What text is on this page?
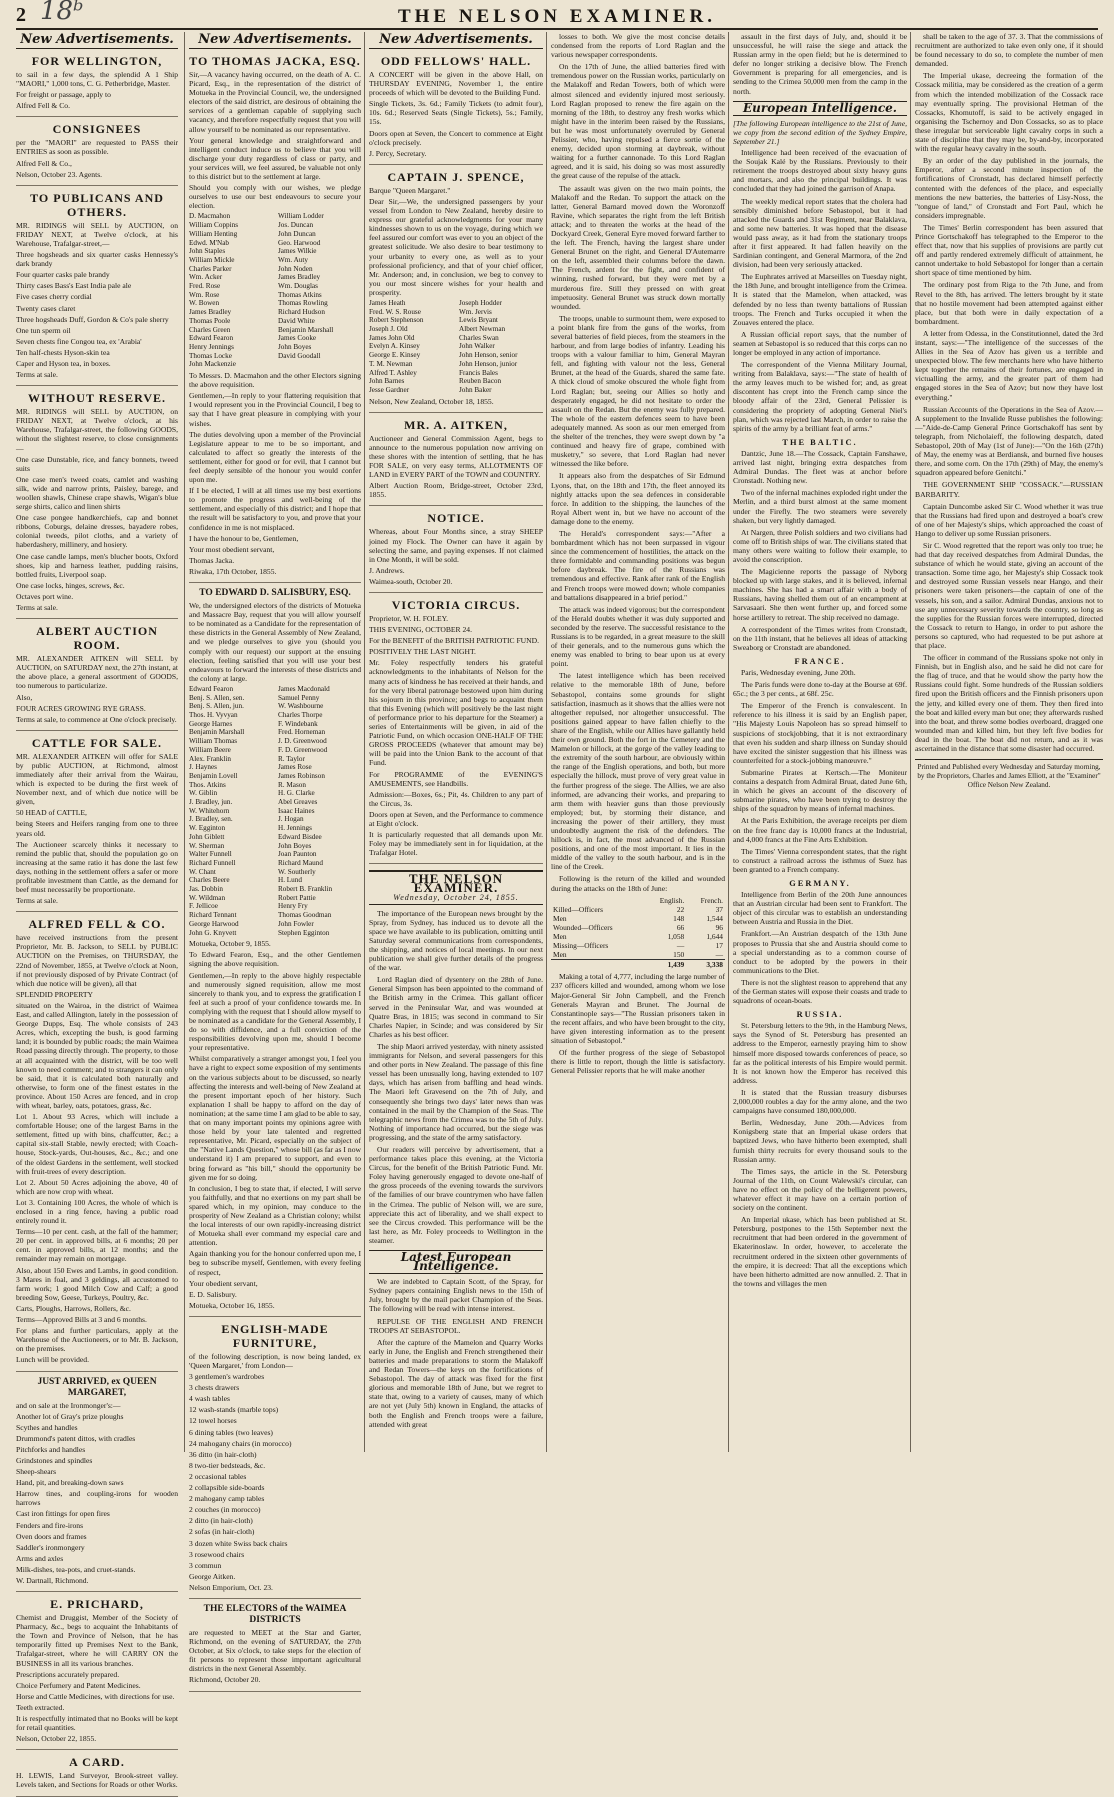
2 18ᵇ	THE NELSON EXAMINER.
New Advertisements.

FOR WELLINGTON,

to sail in a few days, the splendid A 1 Ship "MAORI," 1,000 tons, C. G. Petherbridge, Master.

For freight or passage, apply to

Alfred Fell & Co.

CONSIGNEES

per the "MAORI" are requested to PASS their ENTRIES as soon as possible.

Alfred Fell & Co.,

Nelson, October 23. Agents.

TO PUBLICANS AND OTHERS.

MR. RIDINGS will SELL by AUCTION, on FRIDAY NEXT, at Twelve o'clock, at his Warehouse, Trafalgar-street,—

Three hogsheads and six quarter casks Hennessy's dark brandy

Four quarter casks pale brandy

Thirty cases Bass's East India pale ale

Five cases cherry cordial

Twenty cases claret

Three hogsheads Duff, Gordon & Co's pale sherry

One tun sperm oil

Seven chests fine Congou tea, ex 'Arabia'

Ten half-chests Hyson-skin tea

Caper and Hyson tea, in boxes.

Terms at sale.

WITHOUT RESERVE.

MR. RIDINGS will SELL by AUCTION, on FRIDAY NEXT, at Twelve o'clock, at his Warehouse, Trafalgar-street, the following GOODS, without the slightest reserve, to close consignments—

One case Dunstable, rice, and fancy bonnets, tweed suits

One case men's tweed coats, camlet and washing silk, wide and narrow prints, Paisley, barege, and woollen shawls, Chinese crape shawls, Wigan's blue serge shirts, calico and linen shirts

One case pongee handkerchiefs, cap and bonnet ribbons, Coburgs, delaine dresses, bayadere robes, colonial tweeds, pilot cloths, and a variety of haberdashery, millinery, and hosiery.

One case candle lamps, men's blucher boots, Oxford shoes, kip and harness leather, pudding raisins, bottled fruits, Liverpool soap.

One case locks, hinges, screws, &c.

Octaves port wine.

Terms at sale.

ALBERT AUCTION ROOM.

MR. ALEXANDER AITKEN will SELL by AUCTION, on SATURDAY next, the 27th instant, at the above place, a general assortment of GOODS, too numerous to particularize.

Also,

FOUR ACRES GROWING RYE GRASS.

Terms at sale, to commence at One o'clock precisely.

CATTLE FOR SALE.

MR. ALEXANDER AITKEN will offer for SALE by public AUCTION, at Richmond, almost immediately after their arrival from the Wairau, which is expected to be during the first week of November next, and of which due notice will be given,

50 HEAD of CATTLE,

being Steers and Heifers ranging from one to three years old.

The Auctioneer scarcely thinks it necessary to remind the public that, should the population go on increasing at the same ratio it has done the last few days, nothing in the settlement offers a safer or more profitable investment than Cattle, as the demand for beef must necessarily be proportionate.

Terms at sale.

ALFRED FELL & CO.

have received instructions from the present Proprietor, Mr. B. Jackson, to SELL by PUBLIC AUCTION on the Premises, on THURSDAY, the 22nd of November, 1855, at Twelve o'clock at Noon, if not previously disposed of by Private Contract (of which due notice will be given), all that

SPLENDID PROPERTY

situated on the Wairoa, in the district of Waimea East, and called Allington, lately in the possession of George Dupps, Esq. The whole consists of 243 Acres, which, excepting the bush, is good farming land; it is bounded by public roads; the main Waimea Road passing directly through. The property, to those at all acquainted with the district, will be too well known to need comment; and to strangers it can only be said, that it is calculated both naturally and otherwise, to form one of the finest estates in the province. About 150 Acres are fenced, and in crop with wheat, barley, oats, potatoes, grass, &c.

Lot 1. About 93 Acres, which will include a comfortable House; one of the largest Barns in the settlement, fitted up with bins, chaffcutter, &c.; a capital six-stall Stable, newly erected; with Coach-house, Stock-yards, Out-houses, &c., &c.; and one of the oldest Gardens in the settlement, well stocked with fruit-trees of every description.

Lot 2. About 50 Acres adjoining the above, 40 of which are now crop with wheat.

Lot 3. Containing 100 Acres, the whole of which is enclosed in a ring fence, having a public road entirely round it.

Terms—10 per cent. cash, at the fall of the hammer; 20 per cent. in approved bills, at 6 months; 20 per cent. in approved bills, at 12 months; and the remainder may remain on mortgage.

Also, about 150 Ewes and Lambs, in good condition. 3 Mares in foal, and 3 geldings, all accustomed to farm work; 1 good Milch Cow and Calf; a good breeding Sow, Geese, Turkeys, Poultry, &c.

Carts, Ploughs, Harrows, Rollers, &c.

Terms—Approved Bills at 3 and 6 months.

For plans and further particulars, apply at the Warehouse of the Auctioneers, or to Mr. B. Jackson, on the premises.

Lunch will be provided.

JUST ARRIVED, ex QUEEN MARGARET,

and on sale at the Ironmonger's:—

Another lot of Gray's prize ploughs

Scythes and handles

Drummond's patent dittos, with cradles

Pitchforks and handles

Grindstones and spindles

Sheep-shears

Hand, pit, and breaking-down saws

Harrow tines, and coupling-irons for wooden harrows

Cast iron fittings for open fires

Fenders and fire-irons

Oven doors and frames

Saddler's ironmongery

Arms and axles

Milk-dishes, tea-pots, and cruet-stands.

W. Dartnall, Richmond.

E. PRICHARD,

Chemist and Druggist, Member of the Society of Pharmacy, &c., begs to acquaint the Inhabitants of the Town and Province of Nelson, that he has temporarily fitted up Premises Next to the Bank, Trafalgar-street, where he will CARRY ON the BUSINESS in all its various branches.

Prescriptions accurately prepared.

Choice Perfumery and Patent Medicines.

Horse and Cattle Medicines, with directions for use.

Teeth extracted.

It is respectfully intimated that no Books will be kept for retail quantities.

Nelson, October 22, 1855.

A CARD.

H. LEWIS, Land Surveyor, Brook-street valley. Levels taken, and Sections for Roads or other Works.

New Advertisements.

TO THOMAS JACKA, ESQ.

Sir,—A vacancy having occurred, on the death of A. C. Picard, Esq., in the representation of the district of Motueka in the Provincial Council, we, the undersigned electors of the said district, are desirous of obtaining the services of a gentleman capable of supplying such vacancy, and therefore respectfully request that you will allow yourself to be nominated as our representative.

Your general knowledge and straightforward and intelligent conduct induce us to believe that you will discharge your duty regardless of class or party, and your services will, we feel assured, be valuable not only to this district but to the settlement at large.

Should you comply with our wishes, we pledge ourselves to use our best endeavours to secure your election.

D. Macmahon
William Coppins
William Henting
Edwd. M'Nab
John Staples
William Mickle
Charles Parker
Wm. Acker
Fred. Rose
Wm. Rose
W. Bowen
James Bradley
Thomas Poole
Charles Green
Edward Fearon
Henry Jennings
Thomas Locke
John Mackenzie
William Lodder
Jos. Duncan
John Duncan
Geo. Harwood
James Wilkie
Wm. Auty
John Noden
James Bradley
Wm. Douglas
Thomas Atkins
Thomas Rowling
Richard Hudson
David White
Benjamin Marshall
James Cooke
John Boyes
David Goodall

To Messrs. D. Macmahon and the other Electors signing the above requisition.

Gentlemen,—In reply to your flattering requisition that I would represent you in the Provincial Council, I beg to say that I have great pleasure in complying with your wishes.

The duties devolving upon a member of the Provincial Legislature appear to me to be so important, and calculated to affect so greatly the interests of the settlement, either for good or for evil, that I cannot but feel deeply sensible of the honour you would confer upon me.

If I be elected, I will at all times use my best exertions to promote the progress and well-being of the settlement, and especially of this district; and I hope that the result will be satisfactory to you, and prove that your confidence in me is not misplaced.

I have the honour to be, Gentlemen,

Your most obedient servant,

Thomas Jacka.

Riwaka, 17th October, 1855.

TO EDWARD D. SALISBURY, ESQ.

We, the undersigned electors of the districts of Motueka and Massacre Bay, request that you will allow yourself to be nominated as a Candidate for the representation of these districts in the General Assembly of New Zealand, and we pledge ourselves to give you (should you comply with our request) our support at the ensuing election, feeling satisfied that you will use your best endeavours to forward the interests of these districts and the colony at large.

Edward Fearon
Benj. S. Allen, sen.
Benj. S. Allen, jun.
Thos. H. Vyvyan
George Harnes
Benjamin Marshall
William Thomas
William Beere
Alex. Franklin
J. Haynes
Benjamin Lovell
Thos. Atkins
W. Giblin
J. Bradley, jun.
W. Whitehorn
J. Bradley, sen.
W. Egginton
John Giblett
W. Sherman
Walter Funnell
Richard Funnell
W. Chant
Charles Beere
Jas. Dobbin
W. Wildman
F. Jellicoe
Richard Tennant
George Harwood
John G. Knyvett
James Macdonald
Samuel Penny
W. Washbourne
Charles Thorpe
F. Windebank
Fred. Horneman
J. D. Greenwood
F. D. Greenwood
R. Taylor
James Rose
James Robinson
R. Mason
H. G. Clarke
Abel Greaves
Isaac Haines
J. Hogan
H. Jennings
Edward Bisdee
John Boyes
Joan Paunton
Richard Maund
W. Southerly
H. Lund
Robert B. Franklin
Robert Pattie
Henry Fry
Thomas Goodman
John Fowler
Stephen Egginton

Motueka, October 9, 1855.

To Edward Fearon, Esq., and the other Gentlemen signing the above requisition.

Gentlemen,—In reply to the above highly respectable and numerously signed requisition, allow me most sincerely to thank you, and to express the gratification I feel at such a proof of your confidence towards me. In complying with the request that I should allow myself to be nominated as a candidate for the General Assembly, I do so with diffidence, and a full conviction of the responsibilities devolving upon me, should I become your representative.

Whilst comparatively a stranger amongst you, I feel you have a right to expect some exposition of my sentiments on the various subjects about to be discussed, so nearly affecting the interests and well-being of New Zealand at the present important epoch of her history. Such explanation I shall be happy to afford on the day of nomination; at the same time I am glad to be able to say, that on many important points my opinions agree with those held by your late talented and regretted representative, Mr. Picard, especially on the subject of the "Native Lands Question," whose bill (as far as I now understand it) I am prepared to support, and even to bring forward as "his bill," should the opportunity be given me for so doing.

In conclusion, I beg to state that, if elected, I will serve you faithfully, and that no exertions on my part shall be spared which, in my opinion, may conduce to the prosperity of New Zealand as a Christian colony; whilst the local interests of our own rapidly-increasing district of Motueka shall ever command my especial care and attention.

Again thanking you for the honour conferred upon me, I beg to subscribe myself, Gentlemen, with every feeling of respect,

Your obedient servant,

E. D. Salisbury.

Motueka, October 16, 1855.

ENGLISH-MADE FURNITURE,

of the following description, is now being landed, ex 'Queen Margaret,' from London—

3 gentlemen's wardrobes

3 chests drawers

4 wash tables

12 wash-stands (marble tops)

12 towel horses

6 dining tables (two leaves)

24 mahogany chairs (in morocco)

36 ditto (in hair-cloth)

8 two-tier bedsteads, &c.

2 occasional tables

2 collapsible side-boards

2 mahogany camp tables

2 couches (in morocco)

2 ditto (in hair-cloth)

2 sofas (in hair-cloth)

3 dozen white Swiss back chairs

3 rosewood chairs

3 commun

George Aitken.

Nelson Emporium, Oct. 23.

THE ELECTORS of the WAIMEA DISTRICTS

are requested to MEET at the Star and Garter, Richmond, on the evening of SATURDAY, the 27th October, at Six o'clock, to take steps for the election of fit persons to represent those important agricultural districts in the next General Assembly.

Richmond, October 20.

New Advertisements.

ODD FELLOWS' HALL.

A CONCERT will be given in the above Hall, on THURSDAY EVENING, November 1, the entire proceeds of which will be devoted to the Building Fund.

Single Tickets, 3s. 6d.; Family Tickets (to admit four), 10s. 6d.; Reserved Seats (Single Tickets), 5s.; Family, 15s.

Doors open at Seven, the Concert to commence at Eight o'clock precisely.

J. Percy, Secretary.

CAPTAIN J. SPENCE,

Barque "Queen Margaret."

Dear Sir,—We, the undersigned passengers by your vessel from London to New Zealand, hereby desire to express our grateful acknowledgments for your many kindnesses shown to us on the voyage, during which we feel assured our comfort was ever to you an object of the greatest solicitude. We also desire to bear testimony to your urbanity to every one, as well as to your professional proficiency, and that of your chief officer, Mr. Anderson; and, in conclusion, we beg to convey to you our most sincere wishes for your health and prosperity.

James Heath
Fred. W. S. Rouse
Robert Stephenson
Joseph J. Old
James John Old
Evelyn A. Kinsey
George E. Kinsey
T. M. Newman
Alfred T. Ashley
John Barnes
Jesse Gardner
Joseph Hodder
Wm. Jervis
Lewis Bryant
Albert Newman
Charles Swan
John Walker
John Henson, senior
John Henson, junior
Francis Bales
Reuben Bacon
John Baker

Nelson, New Zealand, October 18, 1855.

MR. A. AITKEN,

Auctioneer and General Commission Agent, begs to announce to the numerous population now arriving on these shores with the intention of settling, that he has FOR SALE, on very easy terms, ALLOTMENTS OF LAND in EVERY PART of the TOWN and COUNTRY.

Albert Auction Room, Bridge-street, October 23rd, 1855.

NOTICE.

Whereas, about Four Months since, a stray SHEEP joined my Flock. The Owner can have it again by selecting the same, and paying expenses. If not claimed in One Month, it will be sold.

J. Andrews.

Waimea-south, October 20.

VICTORIA CIRCUS.

Proprietor, W. H. FOLEY.

THIS EVENING, OCTOBER 24.

For the BENEFIT of the BRITISH PATRIOTIC FUND.

POSITIVELY THE LAST NIGHT.

Mr. Foley respectfully tenders his grateful acknowledgments to the inhabitants of Nelson for the many acts of kindness he has received at their hands, and for the very liberal patronage bestowed upon him during his sojourn in this province; and begs to acquaint them that this Evening (which will positively be the last night of performance prior to his departure for the Steamer) a series of Entertainments will be given, in aid of the Patriotic Fund, on which occasion ONE-HALF OF THE GROSS PROCEEDS (whatever that amount may be) will be paid into the Union Bank to the account of that Fund.

For PROGRAMME of the EVENING'S AMUSEMENTS, see Handbills.

Admission:—Boxes, 6s.; Pit, 4s. Children to any part of the Circus, 3s.

Doors open at Seven, and the Performance to commence at Eight o'clock.

It is particularly requested that all demands upon Mr. Foley may be immediately sent in for liquidation, at the Trafalgar Hotel.

THE NELSON EXAMINER.
Wednesday, October 24, 1855.

The importance of the European news brought by the Spray, from Sydney, has induced us to devote all the space we have available to its publication, omitting until Saturday several communications from correspondents, the shipping, and notices of local meetings. In our next publication we shall give further details of the progress of the war.

Lord Raglan died of dysentery on the 28th of June. General Simpson has been appointed to the command of the British army in the Crimea. This gallant officer served in the Peninsular War, and was wounded at Quatre Bras, in 1815; was second in command to Sir Charles Napier, in Scinde; and was considered by Sir Charles as his best officer.

The ship Maori arrived yesterday, with ninety assisted immigrants for Nelson, and several passengers for this and other ports in New Zealand. The passage of this fine vessel has been unusually long, having extended to 107 days, which has arisen from baffling and head winds. The Maori left Gravesend on the 7th of July, and consequently she brings two days' later news than was contained in the mail by the Champion of the Seas. The telegraphic news from the Crimea was to the 5th of July. Nothing of importance had occurred, but the siege was progressing, and the state of the army satisfactory.

Our readers will perceive by advertisement, that a performance takes place this evening, at the Victoria Circus, for the benefit of the British Patriotic Fund. Mr. Foley having generously engaged to devote one-half of the gross proceeds of the evening towards the survivors of the families of our brave countrymen who have fallen in the Crimea. The public of Nelson will, we are sure, appreciate this act of liberality, and we shall expect to see the Circus crowded. This performance will be the last here, as Mr. Foley proceeds to Wellington in the steamer.

Latest European Intelligence.

We are indebted to Captain Scott, of the Spray, for Sydney papers containing English news to the 15th of July, brought by the mail packet Champion of the Seas. The following will be read with intense interest.

REPULSE OF THE ENGLISH AND FRENCH TROOPS AT SEBASTOPOL.

After the capture of the Mamelon and Quarry Works early in June, the English and French strengthened their batteries and made preparations to storm the Malakoff and Redan Towers—the keys on the fortifications of Sebastopol. The day of attack was fixed for the first glorious and memorable 18th of June, but we regret to state that, owing to a variety of causes, many of which are not yet (July 5th) known in England, the attacks of both the English and French troops were a failure, attended with great

losses to both. We give the most concise details condensed from the reports of Lord Raglan and the various newspaper correspondents.

On the 17th of June, the allied batteries fired with tremendous power on the Russian works, particularly on the Malakoff and Redan Towers, both of which were almost silenced and evidently injured most seriously. Lord Raglan proposed to renew the fire again on the morning of the 18th, to destroy any fresh works which might have in the interim been raised by the Russians, but he was most unfortunately overruled by General Pelissier, who, having repulsed a fierce sortie of the enemy, decided upon storming at daybreak, without waiting for a further cannonade. To this Lord Raglan agreed, and it is said, his doing so was most assuredly the great cause of the repulse of the attack.

The assault was given on the two main points, the Malakoff and the Redan. To support the attack on the latter, General Barnard moved down the Woronzoff Ravine, which separates the right from the left British attack; and to threaten the works at the head of the Dockyard Creek, General Eyre moved forward farther to the left. The French, having the largest share under General Brunet on the right, and General D'Autemarre on the left, assembled their columns before the dawn. The French, ardent for the fight, and confident of winning, rushed forward, but they were met by a murderous fire. Still they pressed on with great impetuosity. General Brunet was struck down mortally wounded.

The troops, unable to surmount them, were exposed to a point blank fire from the guns of the works, from several batteries of field pieces, from the steamers in the harbour, and from large bodies of infantry. Leading his troops with a valour familiar to him, General Mayran fell, and fighting with valour not the less, General Brunet, at the head of the Guards, shared the same fate. A thick cloud of smoke obscured the whole fight from Lord Raglan; but, seeing our Allies so hotly and desperately engaged, he did not hesitate to order the assault on the Redan. But the enemy was fully prepared. The whole of the eastern defences seem to have been adequately manned. As soon as our men emerged from the shelter of the trenches, they were swept down by "a continued and heavy fire of grape, combined with musketry," so severe, that Lord Raglan had never witnessed the like before.

It appears also from the despatches of Sir Edmund Lyons, that, on the 18th and 17th, the fleet annoyed its nightly attacks upon the sea defences in considerable force. In addition to the shipping, the launches of the Royal Albert went in, but we have no account of the damage done to the enemy.

The Herald's correspondent says:—"After a bombardment which has not been surpassed in vigour since the commencement of hostilities, the attack on the three formidable and commanding positions was begun before daybreak. The fire of the Russians was tremendous and effective. Rank after rank of the English and French troops were mowed down; whole companies and battalions disappeared in a brief period."

The attack was indeed vigorous; but the correspondent of the Herald doubts whether it was duly supported and seconded by the reserve. The successful resistance to the Russians is to be regarded, in a great measure to the skill of their generals, and to the numerous guns which the enemy was enabled to bring to bear upon us at every point.

The latest intelligence which has been received relative to the memorable 18th of June, before Sebastopol, contains some grounds for slight satisfaction, inasmuch as it shows that the allies were not altogether repulsed, nor altogether unsuccessful. The positions gained appear to have fallen chiefly to the share of the English, while our Allies have gallantly held their own ground. Both the fort in the Cemetery and the Mamelon or hillock, at the gorge of the valley leading to the extremity of the south harbour, are obviously within the range of the English operations, and both, but more especially the hillock, must prove of very great value in the further progress of the siege. The Allies, we are also informed, are advancing their works, and preparing to arm them with heavier guns than those previously employed; but, by storming their distance, and increasing the power of their artillery, they must undoubtedly augment the risk of the defenders. The hillock is, in fact, the most advanced of the Russian positions, and one of the most important. It lies in the middle of the valley to the south harbour, and is in the line of the Creek.

Following is the return of the killed and wounded during the attacks on the 18th of June:

	English.	French.
Killed—Officers	22	37
Men	148	1,544
Wounded—Officers	66	96
Men	1,058	1,644
Missing—Officers	—	17
Men	150	—
	1,439	3,338

Making a total of 4,777, including the large number of 237 officers killed and wounded, among whom we lose Major-General Sir John Campbell, and the French Generals Mayran and Brunet. The Journal de Constantinople says—"The Russian prisoners taken in the recent affairs, and who have been brought to the city, have given interesting information as to the present situation of Sebastopol."

Of the further progress of the siege of Sebastopol there is little to report, though the little is satisfactory. General Pelissier reports that he will make another

assault in the first days of July, and, should it be unsuccessful, he will raise the siege and attack the Russian army in the open field; but he is determined to defer no longer striking a decisive blow. The French Government is preparing for all emergencies, and is sending to the Crimea 50,000 men from the camp in the north.

European Intelligence.

[The following European intelligence to the 21st of June, we copy from the second edition of the Sydney Empire, September 21.]

Intelligence had been received of the evacuation of the Soujak Kalé by the Russians. Previously to their retirement the troops destroyed about sixty heavy guns and mortars, and also the principal buildings. It was concluded that they had joined the garrison of Anapa.

The weekly medical report states that the cholera had sensibly diminished before Sebastopol, but it had attacked the Guards and 31st Regiment, near Balaklava, and some new batteries. It was hoped that the disease would pass away, as it had from the stationary troops after it first appeared. It had fallen heavily on the Sardinian contingent, and General Marmora, of the 2nd division, had been very seriously attacked.

The Euphrates arrived at Marseilles on Tuesday night, the 18th June, and brought intelligence from the Crimea. It is stated that the Mamelon, when attacked, was defended by no less than twenty battalions of Russian troops. The French and Turks occupied it when the Zouaves entered the place.

A Russian official report says, that the number of seamen at Sebastopol is so reduced that this corps can no longer be employed in any action of importance.

The correspondent of the Vienna Military Journal, writing from Balaklava, says:—"The state of health of the army leaves much to be wished for; and, as great discontent has crept into the French camp since the bloody affair of the 23rd, General Pelissier is considering the propriety of adopting General Niel's plan, which was rejected last March, in order to raise the spirits of the army by a brilliant feat of arms."

THE BALTIC.

Dantzic, June 18.—The Cossack, Captain Fanshawe, arrived last night, bringing extra despatches from Admiral Dundas. The fleet was at anchor before Cronstadt. Nothing new.

Two of the infernal machines exploded right under the Merlin, and a third burst almost at the same moment under the Firefly. The two steamers were severely shaken, but very lightly damaged.

At Nargen, three Polish soldiers and two civilians had come off to British ships of war. The civilians stated that many others were waiting to follow their example, to avoid the conscription.

The Magicienne reports the passage of Nyborg blocked up with large stakes, and it is believed, infernal machines. She has had a smart affair with a body of Russians, having shelled them out of an encampment at Sarvasaari. She then went further up, and forced some horse artillery to retreat. The ship received no damage.

A correspondent of the Times writes from Cronstadt, on the 11th instant, that he believes all ideas of attacking Sweaborg or Cronstadt are abandoned.

FRANCE.

Paris, Wednesday evening, June 20th.

The Paris funds were done to-day at the Bourse at 69f. 65c.; the 3 per cents., at 68f. 25c.

The Emperor of the French is convalescent. In reference to his illness it is said by an English paper, "His Majesty Louis Napoleon has so spread himself to suspicions of stockjobbing, that it is not extraordinary that even his sudden and sharp illness on Sunday should have excited the sinister suggestion that his illness was counterfeited for a stock-jobbing manœuvre."

Submarine Pirates at Kertsch.—The Moniteur contains a despatch from Admiral Bruat, dated June 6th, in which he gives an account of the discovery of submarine pirates, who have been trying to destroy the ships of the squadron by means of infernal machines.

At the Paris Exhibition, the average receipts per diem on the free franc day is 10,000 francs at the Industrial, and 4,000 francs at the Fine Arts Exhibition.

The Times' Vienna correspondent states, that the right to construct a railroad across the isthmus of Suez has been granted to a French company.

GERMANY.

Intelligence from Berlin of the 20th June announces that an Austrian circular had been sent to Frankfort. The object of this circular was to establish an understanding between Austria and Russia in the Diet.

Frankfort.—An Austrian despatch of the 13th June proposes to Prussia that she and Austria should come to a special understanding as to a common course of conduct to be adopted by the powers in their communications to the Diet.

There is not the slightest reason to apprehend that any of the German states will expose their coasts and trade to squadrons of ocean-boats.

RUSSIA.

St. Petersburg letters to the 9th, in the Hamburg News, says the Synod of St. Petersburg has presented an address to the Emperor, earnestly praying him to show himself more disposed towards conferences of peace, so far as the political interests of his Empire would permit. It is not known how the Emperor has received this address.

It is stated that the Russian treasury disburses 2,000,000 roubles a day for the army alone, and the two campaigns have consumed 180,000,000.

Berlin, Wednesday, June 20th.—Advices from Konigsberg state that an Imperial ukase orders that baptized Jews, who have hitherto been exempted, shall furnish thirty recruits for every thousand souls to the Russian army.

The Times says, the article in the St. Petersburg Journal of the 11th, on Count Walewski's circular, can have no effect on the policy of the belligerent powers, whatever effect it may have on a certain portion of society on the continent.

An Imperial ukase, which has been published at St. Petersburg, postpones to the 15th September next the recruitment that had been ordered in the government of Ekaterinoslaw. In order, however, to accelerate the recruitment ordered in the sixteen other governments of the empire, it is decreed: That all the exceptions which have been hitherto admitted are now annulled. 2. That in the towns and villages the men

shall be taken to the age of 37. 3. That the commissions of recruitment are authorized to take even only one, if it should be found necessary to do so, to complete the number of men demanded.

The Imperial ukase, decreeing the formation of the Cossack militia, may be considered as the creation of a germ from which the intended mobilization of the Cossack race may eventually spring. The provisional Hetman of the Cossacks, Khomutoff, is said to be actively engaged in organising the Tschernoy and Don Cossacks, so as to place these irregular but serviceable light cavalry corps in such a state of discipline that they may be, by-and-by, incorporated with the regular heavy cavalry in the south.

By an order of the day published in the journals, the Emperor, after a second minute inspection of the fortifications of Cronstadt, has declared himself perfectly contented with the defences of the place, and especially mentions the new batteries, the batteries of Lisy-Noss, the "tongue of land," of Cronstadt and Fort Paul, which he considers impregnable.

The Times' Berlin correspondent has been assured that Prince Gortschakoff has telegraphed to the Emperor to the effect that, now that his supplies of provisions are partly cut off and partly rendered extremely difficult of attainment, he cannot undertake to hold Sebastopol for longer than a certain short space of time mentioned by him.

The ordinary post from Riga to the 7th June, and from Revel to the 8th, has arrived. The letters brought by it state that no hostile movement had been attempted against either place, but that both were in daily expectation of a bombardment.

A letter from Odessa, in the Constitutionnel, dated the 3rd instant, says:—"The intelligence of the successes of the Allies in the Sea of Azov has given us a terrible and unexpected blow. The few merchants here who have hitherto kept together the remains of their fortunes, are engaged in victualling the army, and the greater part of them had engaged stores in the Sea of Azov; but now they have lost everything."

Russian Accounts of the Operations in the Sea of Azov.—A supplement to the Invalide Russe publishes the following:—"Aide-de-Camp General Prince Gortschakoff has sent by telegraph, from Nicholaieff, the following despatch, dated Sebastopol, 20th of May (1st of June):—"On the 16th (27th) of May, the enemy was at Berdiansk, and burned five houses there, and some corn. On the 17th (29th) of May, the enemy's squadron appeared before Genitchi."

THE GOVERNMENT SHIP "COSSACK."—RUSSIAN BARBARITY.

Captain Duncombe asked Sir C. Wood whether it was true that the Russians had fired upon and destroyed a boat's crew of one of her Majesty's ships, which approached the coast of Hango to deliver up some Russian prisoners.

Sir C. Wood regretted that the report was only too true; he had that day received despatches from Admiral Dundas, the substance of which he would state, giving an account of the transaction. Some time ago, her Majesty's ship Cossack took and destroyed some Russian vessels near Hango, and their prisoners were taken prisoners—the captain of one of the vessels, his son, and a sailor. Admiral Dundas, anxious not to use any unnecessary severity towards the country, so long as the supplies for the Russian forces were interrupted, directed the Cossack to return to Hango, in order to put ashore the persons so captured, who had requested to be put ashore at that place.

The officer in command of the Russians spoke not only in Finnish, but in English also, and he said he did not care for the flag of truce, and that he would show the party how the Russians could fight. Some hundreds of the Russian soldiers fired upon the British officers and the Finnish prisoners upon the jetty, and killed every one of them. They then fired into the boat and killed every man but one; they afterwards rushed into the boat, and threw some bodies overboard, dragged one wounded man and killed him, but they left five bodies for dead in the boat. The boat did not return, and as it was ascertained in the distance that some disaster had occurred.

Printed and Published every Wednesday and Saturday morning, by the Proprietors, Charles and James Elliott, at the "Examiner" Office Nelson New Zealand.
